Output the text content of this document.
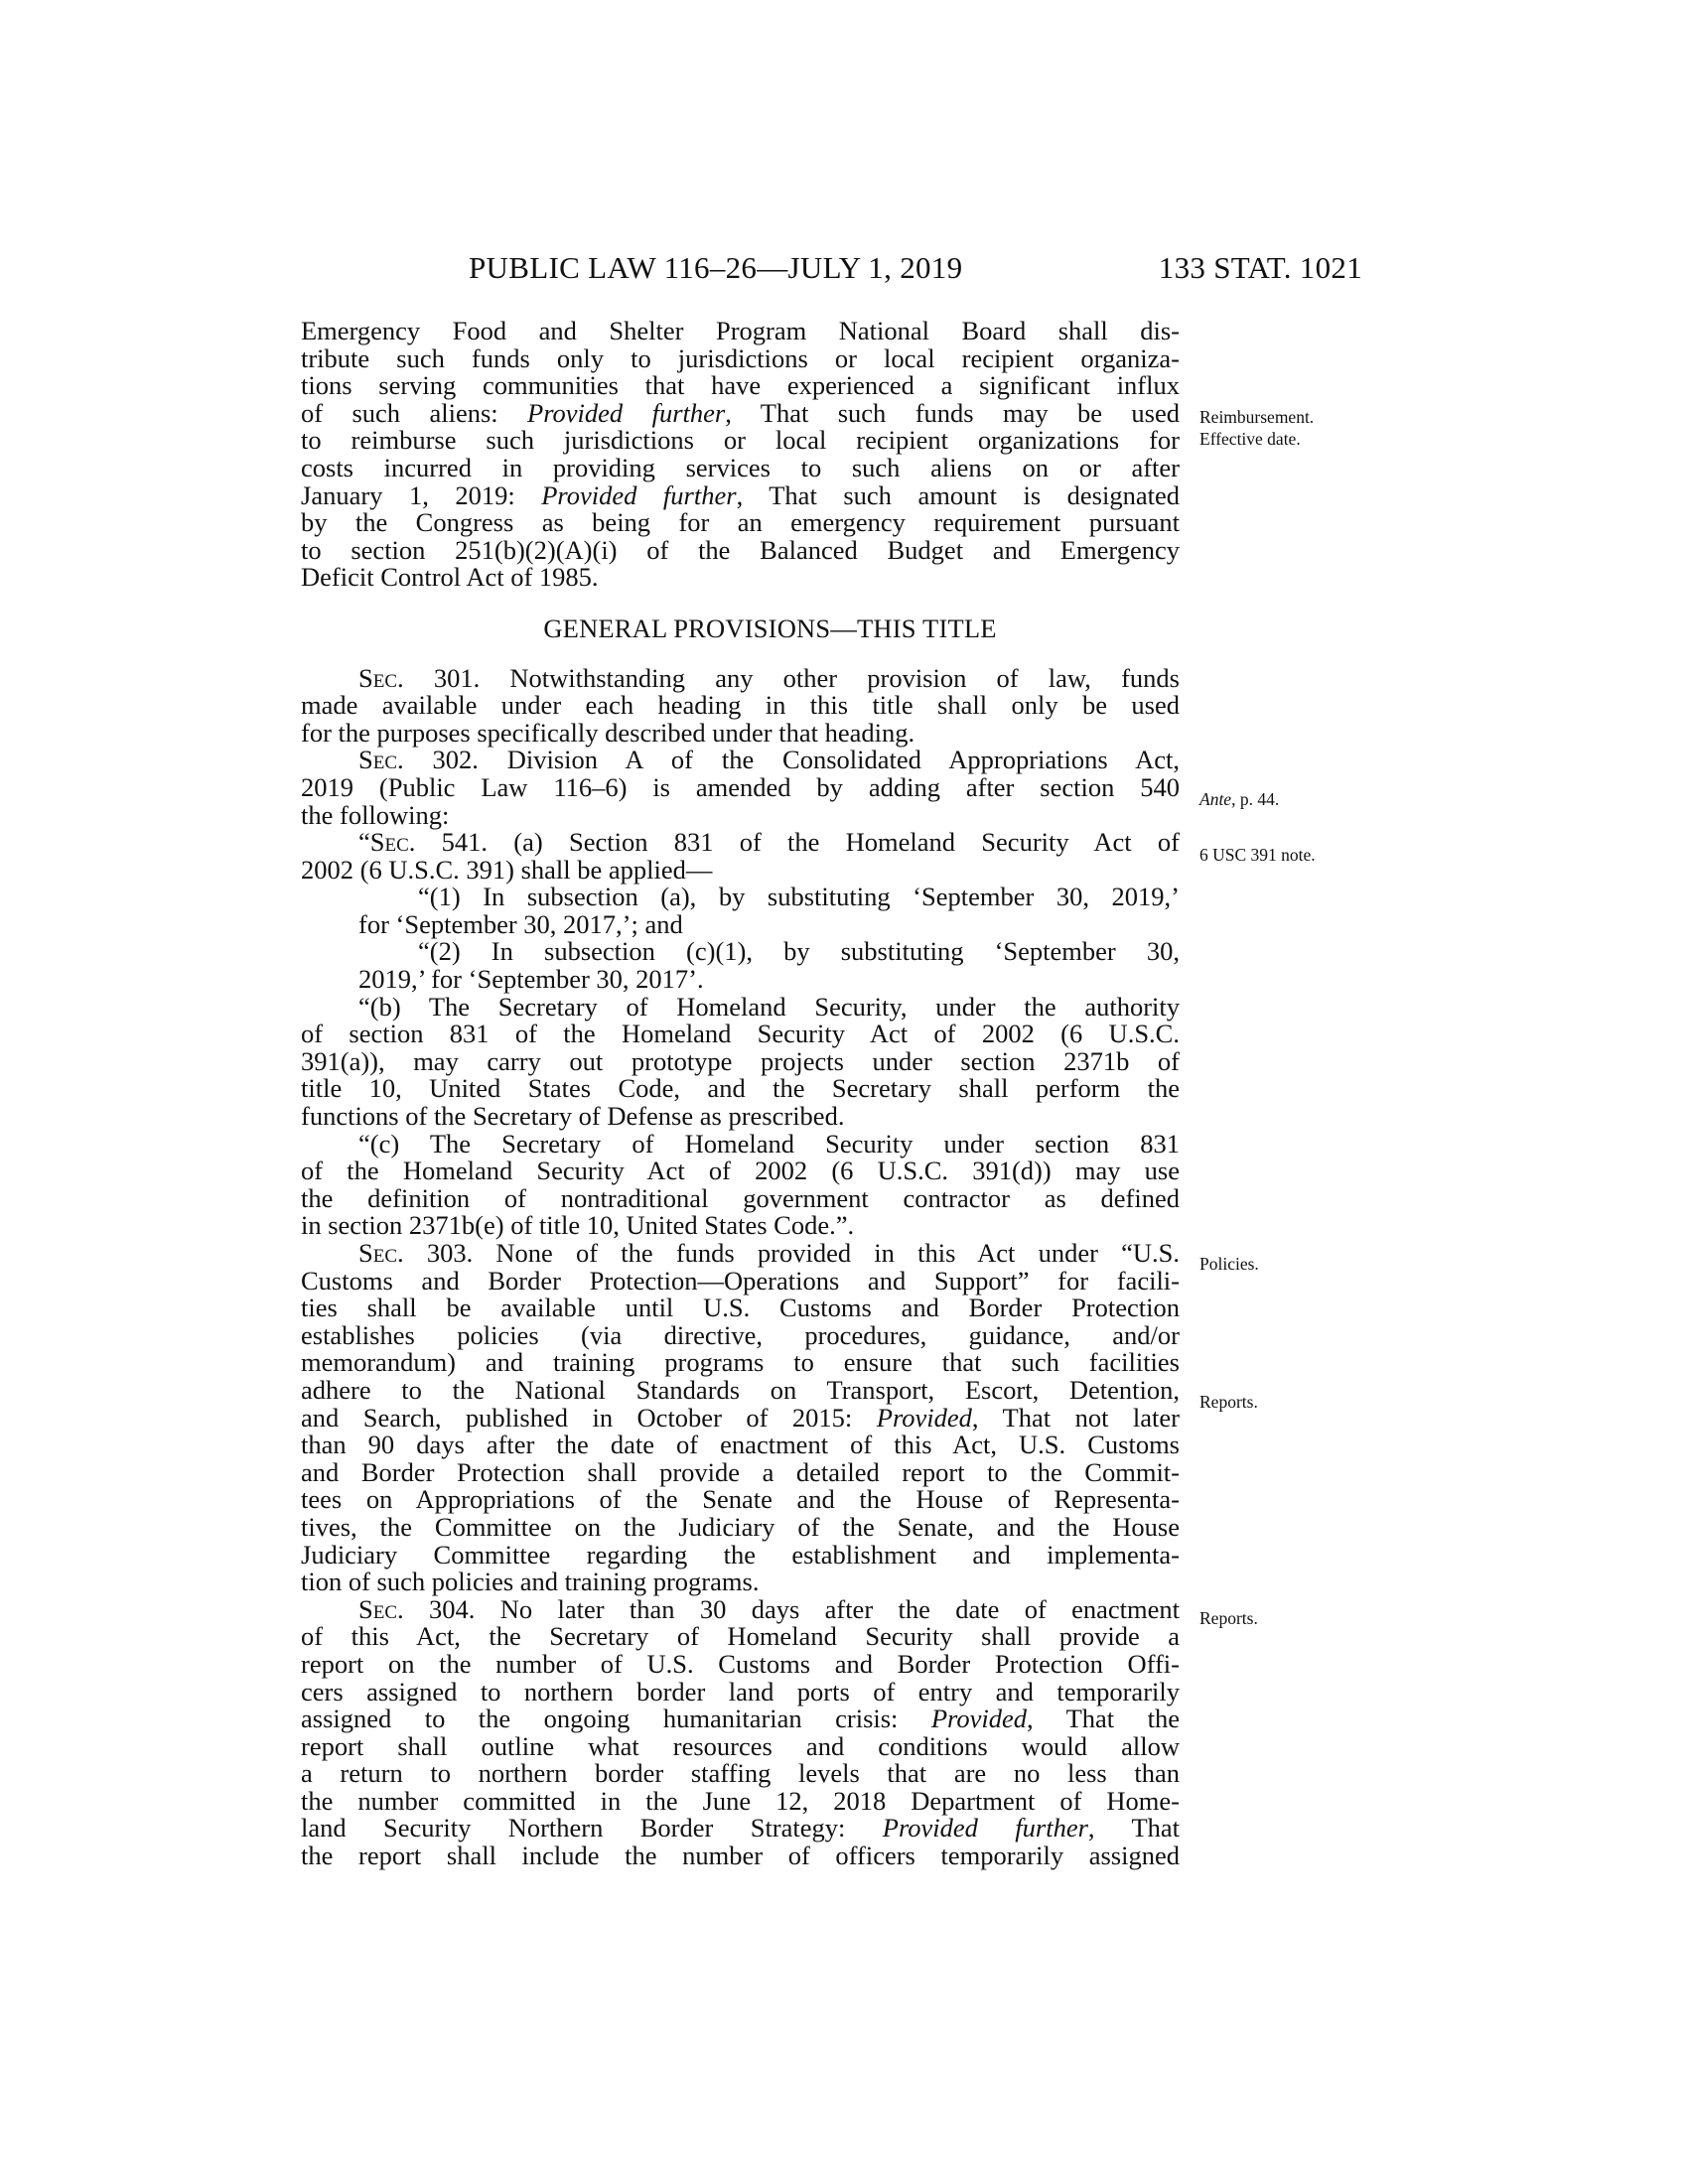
PUBLIC LAW 116–26—JULY 1, 2019	133 STAT. 1021
Emergency Food and Shelter Program National Board shall dis-
tribute such funds only to jurisdictions or local recipient organiza-
tions serving communities that have experienced a significant influx
of such aliens: Provided further, That such funds may be used
to reimburse such jurisdictions or local recipient organizations for
costs incurred in providing services to such aliens on or after
January 1, 2019: Provided further, That such amount is designated
by the Congress as being for an emergency requirement pursuant
to section 251(b)(2)(A)(i) of the Balanced Budget and Emergency
Deficit Control Act of 1985.
GENERAL PROVISIONS—THIS TITLE
Sec. 301. Notwithstanding any other provision of law, funds
made available under each heading in this title shall only be used
for the purposes specifically described under that heading.
Sec. 302. Division A of the Consolidated Appropriations Act,
2019 (Public Law 116–6) is amended by adding after section 540
the following:
“Sec. 541. (a) Section 831 of the Homeland Security Act of
2002 (6 U.S.C. 391) shall be applied—
“(1) In subsection (a), by substituting ‘September 30, 2019,’
for ‘September 30, 2017,’; and
“(2) In subsection (c)(1), by substituting ‘September 30,
2019,’ for ‘September 30, 2017’.
“(b) The Secretary of Homeland Security, under the authority
of section 831 of the Homeland Security Act of 2002 (6 U.S.C.
391(a)), may carry out prototype projects under section 2371b of
title 10, United States Code, and the Secretary shall perform the
functions of the Secretary of Defense as prescribed.
“(c) The Secretary of Homeland Security under section 831
of the Homeland Security Act of 2002 (6 U.S.C. 391(d)) may use
the definition of nontraditional government contractor as defined
in section 2371b(e) of title 10, United States Code.”.
Sec. 303. None of the funds provided in this Act under “U.S.
Customs and Border Protection—Operations and Support” for facili-
ties shall be available until U.S. Customs and Border Protection
establishes policies (via directive, procedures, guidance, and/or
memorandum) and training programs to ensure that such facilities
adhere to the National Standards on Transport, Escort, Detention,
and Search, published in October of 2015: Provided, That not later
than 90 days after the date of enactment of this Act, U.S. Customs
and Border Protection shall provide a detailed report to the Commit-
tees on Appropriations of the Senate and the House of Representa-
tives, the Committee on the Judiciary of the Senate, and the House
Judiciary Committee regarding the establishment and implementa-
tion of such policies and training programs.
Sec. 304. No later than 30 days after the date of enactment
of this Act, the Secretary of Homeland Security shall provide a
report on the number of U.S. Customs and Border Protection Offi-
cers assigned to northern border land ports of entry and temporarily
assigned to the ongoing humanitarian crisis: Provided, That the
report shall outline what resources and conditions would allow
a return to northern border staffing levels that are no less than
the number committed in the June 12, 2018 Department of Home-
land Security Northern Border Strategy: Provided further, That
the report shall include the number of officers temporarily assigned
Reimbursement.
Effective date.
Ante, p. 44.
6 USC 391 note.
Policies.
Reports.
Reports.
